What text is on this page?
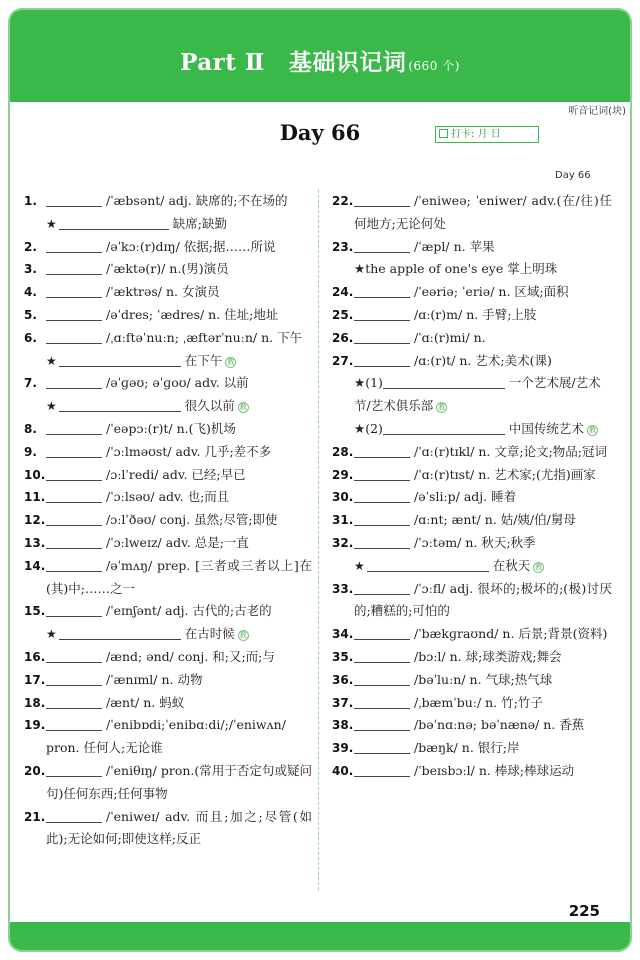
Part Ⅱ 基础识记词 (660 个)
听音记词(块)
Day 66	打卡: 月 日
Day 66
1.	/ˈæbsənt/ adj. 缺席的;不在场的
★	缺席;缺勤
2.	/əˈkɔː(r)dɪŋ/ 依据;据……所说
3.	/ˈæktə(r)/ n.(男)演员
4.	/ˈæktrəs/ n. 女演员
5.	/əˈdres; ˈædres/ n. 住址;地址
6.	/ˌɑːftəˈnuːn; ˌæftərˈnuːn/ n. 下午
★	在下午 教
7.	/əˈɡəʊ; əˈɡoʊ/ adv. 以前
★	很久以前 教
8.	/ˈeəpɔː(r)t/ n.(飞)机场
9.	/ˈɔːlməʊst/ adv. 几乎;差不多
10.	/ɔːlˈredi/ adv. 已经;早已
11.	/ˈɔːlsəʊ/ adv. 也;而且
12.	/ɔːlˈðəʊ/ conj. 虽然;尽管;即使
13.	/ˈɔːlweɪz/ adv. 总是;一直
14.	/əˈmʌŋ/ prep. [三者或三者以上]在(其)中;……之一
15.	/ˈeɪnʃənt/ adj. 古代的;古老的
★	在古时候 教
16.	/ænd; ənd/ conj. 和;又;而;与
17.	/ˈænɪml/ n. 动物
18.	/ænt/ n. 蚂蚁
19.	/ˈenibɒdi;ˈenibɑːdi/;/ˈeniwʌn/ pron. 任何人;无论谁
20.	/ˈeniθɪŋ/ pron.(常用于否定句或疑问句)任何东西;任何事物
21.	/ˈeniweɪ/ adv. 而且;加之;尽管(如此);无论如何;即使这样;反正
22.	/ˈeniweə; ˈeniwer/ adv.(在/往)任何地方;无论何处
23.	/ˈæpl/ n. 苹果
★the apple of one's eye 掌上明珠
24.	/ˈeəriə; ˈeriə/ n. 区域;面积
25.	/ɑː(r)m/ n. 手臂;上肢
26.	/ˈɑː(r)mi/ n.
27.	/ɑː(r)t/ n. 艺术;美术(课)
★(1)	一个艺术展/艺术节/艺术俱乐部 教
★(2)	中国传统艺术 教
28.	/ˈɑː(r)tɪkl/ n. 文章;论文;物品;冠词
29.	/ˈɑː(r)tɪst/ n. 艺术家;(尤指)画家
30.	/əˈsliːp/ adj. 睡着
31.	/ɑːnt; ænt/ n. 姑/姨/伯/舅母
32.	/ˈɔːtəm/ n. 秋天;秋季
★	在秋天 教
33.	/ˈɔːfl/ adj. 很坏的;极坏的;(极)讨厌的;糟糕的;可怕的
34.	/ˈbækɡraʊnd/ n. 后景;背景(资料)
35.	/bɔːl/ n. 球;球类游戏;舞会
36.	/bəˈluːn/ n. 气球;热气球
37.	/ˌbæmˈbuː/ n. 竹;竹子
38.	/bəˈnɑːnə; bəˈnænə/ n. 香蕉
39.	/bæŋk/ n. 银行;岸
40.	/ˈbeɪsbɔːl/ n. 棒球;棒球运动
225
